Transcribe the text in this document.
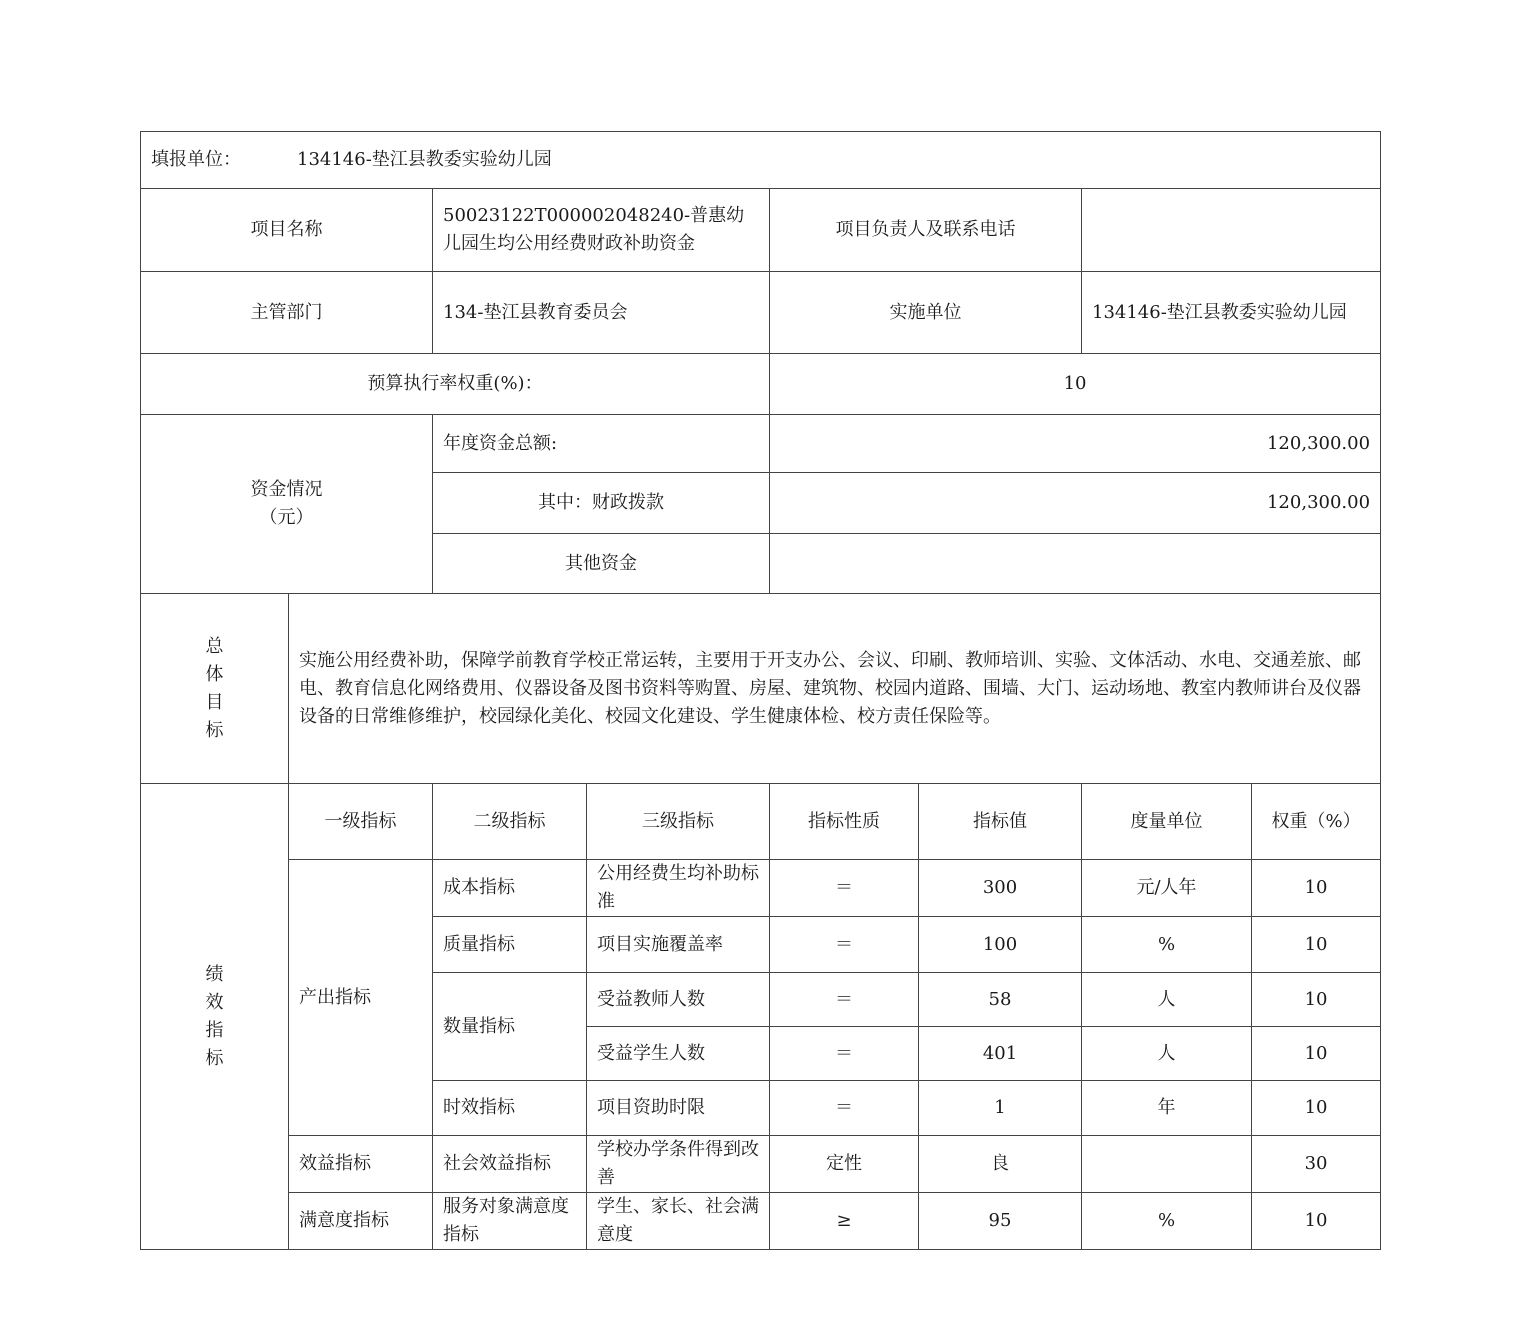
填报单位： 134146-垫江县教委实验幼儿园							
项目名称		50023122T000002048240-普惠幼儿园生均公用经费财政补助资金		项目负责人及联系电话			
主管部门		134-垫江县教育委员会		实施单位		134146-垫江县教委实验幼儿园	
预算执行率权重(%)：				10			

资金情况
（元）		年度资金总额:		120,300.00			
		其中：财政拨款		120,300.00			
		其他资金					

总
体
目
标	实施公用经费补助，保障学前教育学校正常运转，主要用于开支办公、会议、印刷、教师培训、实验、文体活动、水电、交通差旅、邮电、教育信息化网络费用、仪器设备及图书资料等购置、房屋、建筑物、校园内道路、围墙、大门、运动场地、教室内教师讲台及仪器设备的日常维修维护，校园绿化美化、校园文化建设、学生健康体检、校方责任保险等。						

绩
效
指
标	一级指标	二级指标	三级指标	指标性质	指标值	度量单位	权重（%）
	产出指标	成本指标	公用经费生均补助标准	＝	300	元/人年	10
		质量指标	项目实施覆盖率	＝	100	%	10
		数量指标	受益教师人数	＝	58	人	10
			受益学生人数	＝	401	人	10
		时效指标	项目资助时限	＝	1	年	10
	效益指标	社会效益指标	学校办学条件得到改善	定性	良		30
	满意度指标	服务对象满意度指标	学生、家长、社会满意度	≥	95	%	10
